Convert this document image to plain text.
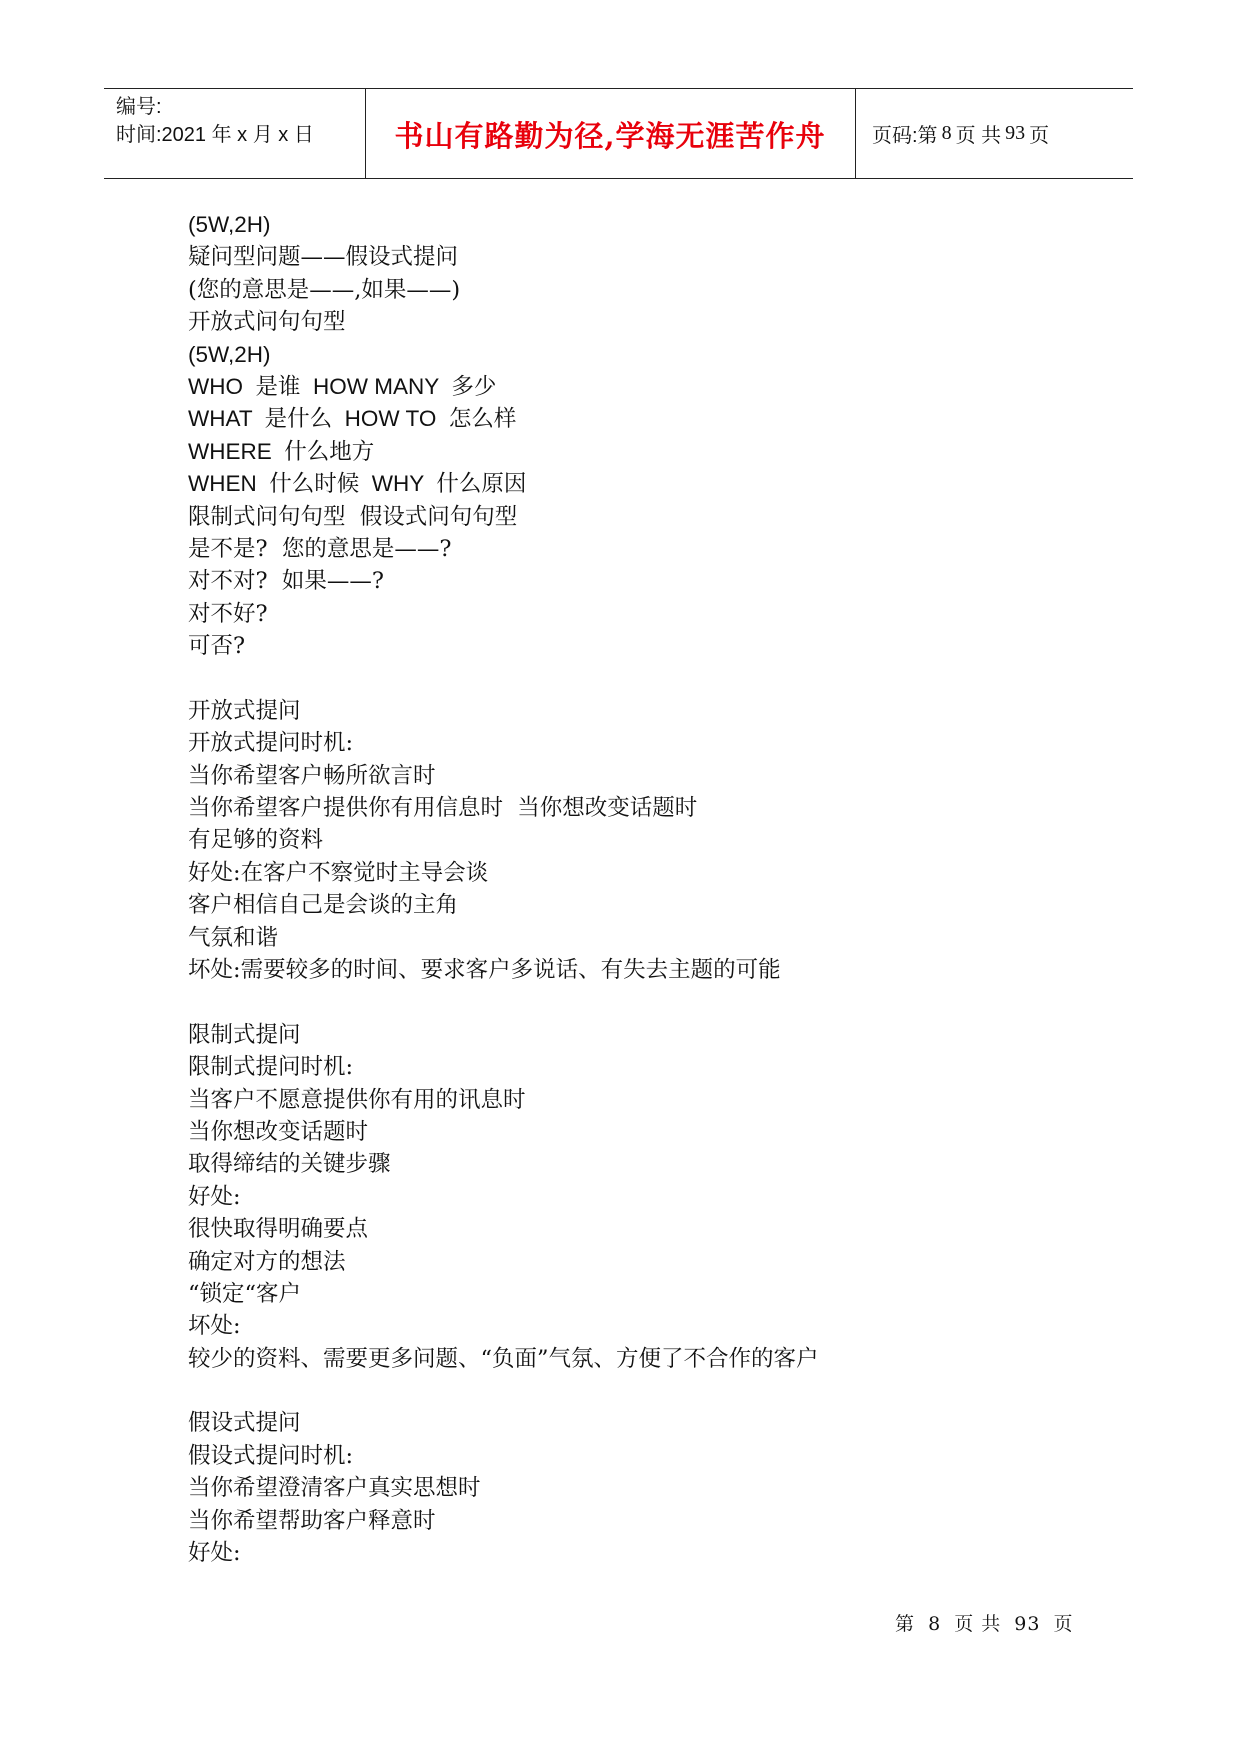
编号:
时间:2021 年 x 月 x 日	书山有路勤为径,学海无涯苦作舟	页码:第 8 页 共 93 页
(5W,2H)
疑问型问题——假设式提问
(您的意思是——,如果——)
开放式问句句型
(5W,2H)
WHO  是谁  HOW MANY  多少
WHAT  是什么  HOW TO  怎么样
WHERE  什么地方
WHEN  什么时候  WHY  什么原因
限制式问句句型  假设式问句句型
是不是?  您的意思是——?
对不对?  如果——?
对不好?
可否?
开放式提问
开放式提问时机:
当你希望客户畅所欲言时
当你希望客户提供你有用信息时  当你想改变话题时
有足够的资料
好处:在客户不察觉时主导会谈
客户相信自己是会谈的主角
气氛和谐
坏处:需要较多的时间、要求客户多说话、有失去主题的可能
限制式提问
限制式提问时机:
当客户不愿意提供你有用的讯息时
当你想改变话题时
取得缔结的关键步骤
好处:
很快取得明确要点
确定对方的想法
“锁定“客户
坏处:
较少的资料、需要更多问题、“负面”气氛、方便了不合作的客户
假设式提问
假设式提问时机:
当你希望澄清客户真实思想时
当你希望帮助客户释意时
好处:
第 8 页 共 93 页
